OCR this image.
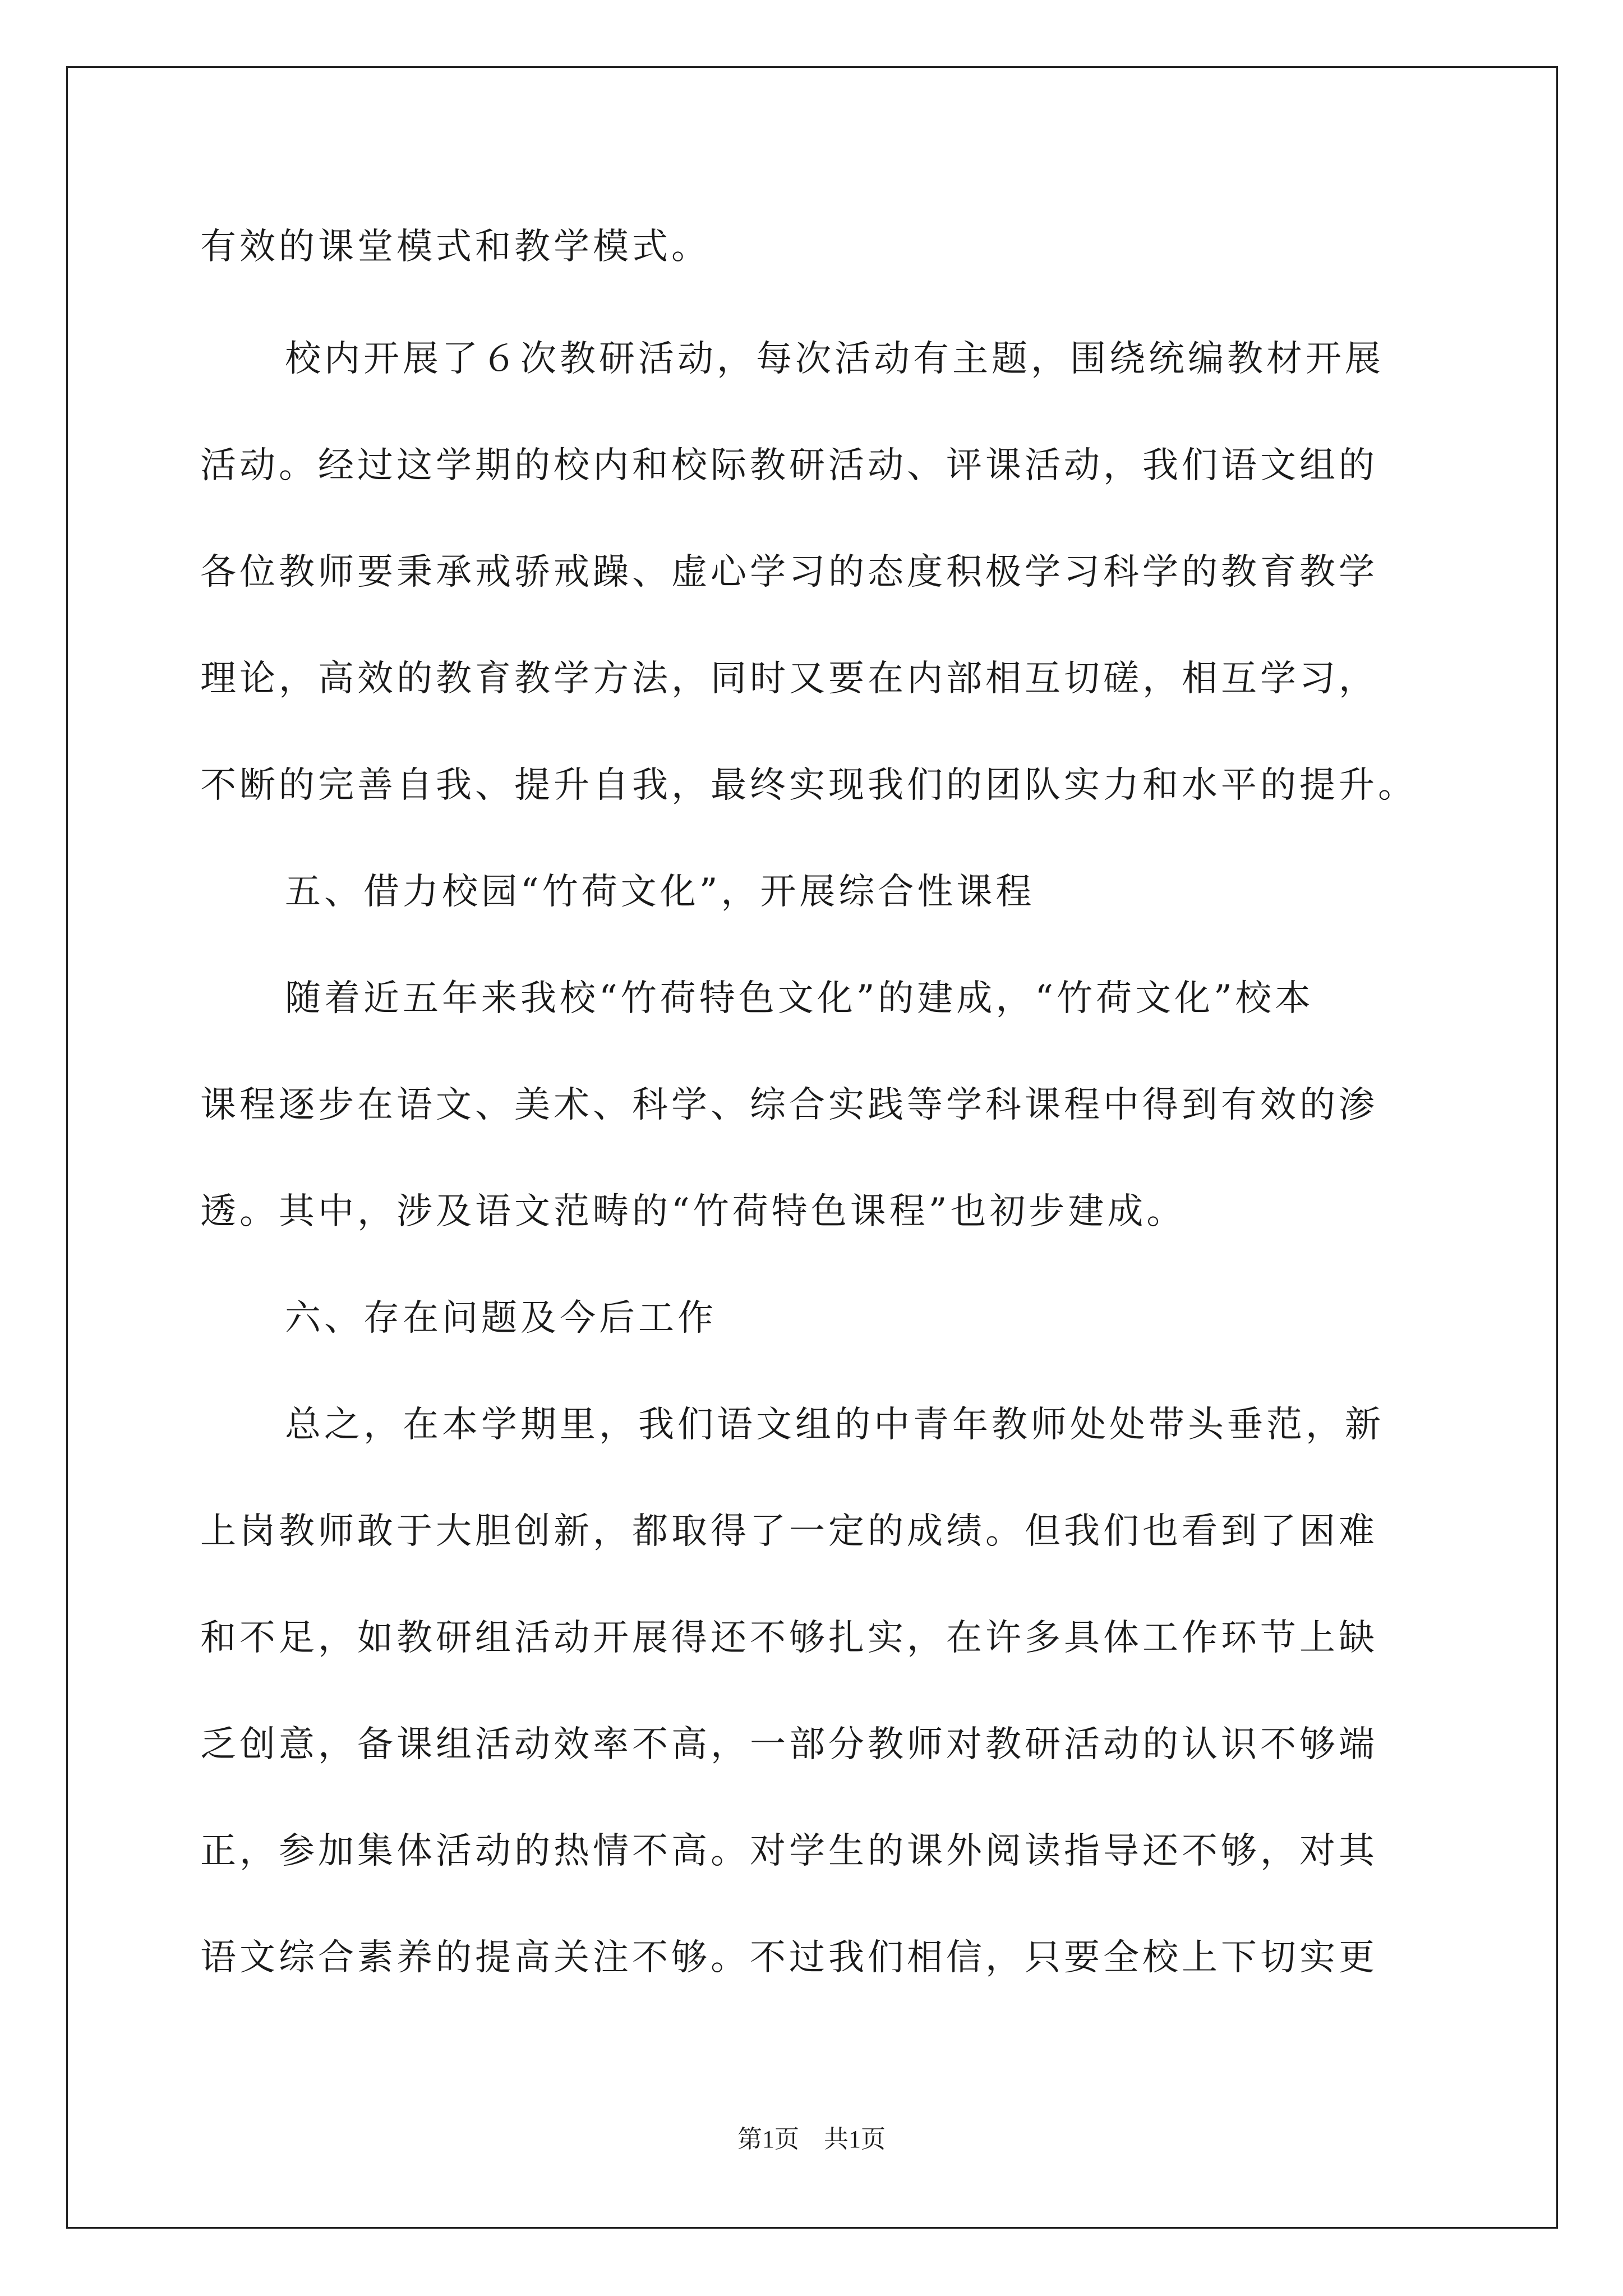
有效的课堂模式和教学模式。
校内开展了６次教研活动，每次活动有主题，围绕统编教材开展
活动。经过这学期的校内和校际教研活动、评课活动，我们语文组的
各位教师要秉承戒骄戒躁、虚心学习的态度积极学习科学的教育教学
理论，高效的教育教学方法，同时又要在内部相互切磋，相互学习，
不断的完善自我、提升自我，最终实现我们的团队实力和水平的提升。
五、借力校园“竹荷文化”，开展综合性课程
随着近五年来我校“竹荷特色文化”的建成，“竹荷文化”校本
课程逐步在语文、美术、科学、综合实践等学科课程中得到有效的渗
透。其中，涉及语文范畴的“竹荷特色课程”也初步建成。
六、存在问题及今后工作
总之，在本学期里，我们语文组的中青年教师处处带头垂范，新
上岗教师敢于大胆创新，都取得了一定的成绩。但我们也看到了困难
和不足，如教研组活动开展得还不够扎实，在许多具体工作环节上缺
乏创意，备课组活动效率不高，一部分教师对教研活动的认识不够端
正，参加集体活动的热情不高。对学生的课外阅读指导还不够，对其
语文综合素养的提高关注不够。不过我们相信，只要全校上下切实更
第1页　共1页
